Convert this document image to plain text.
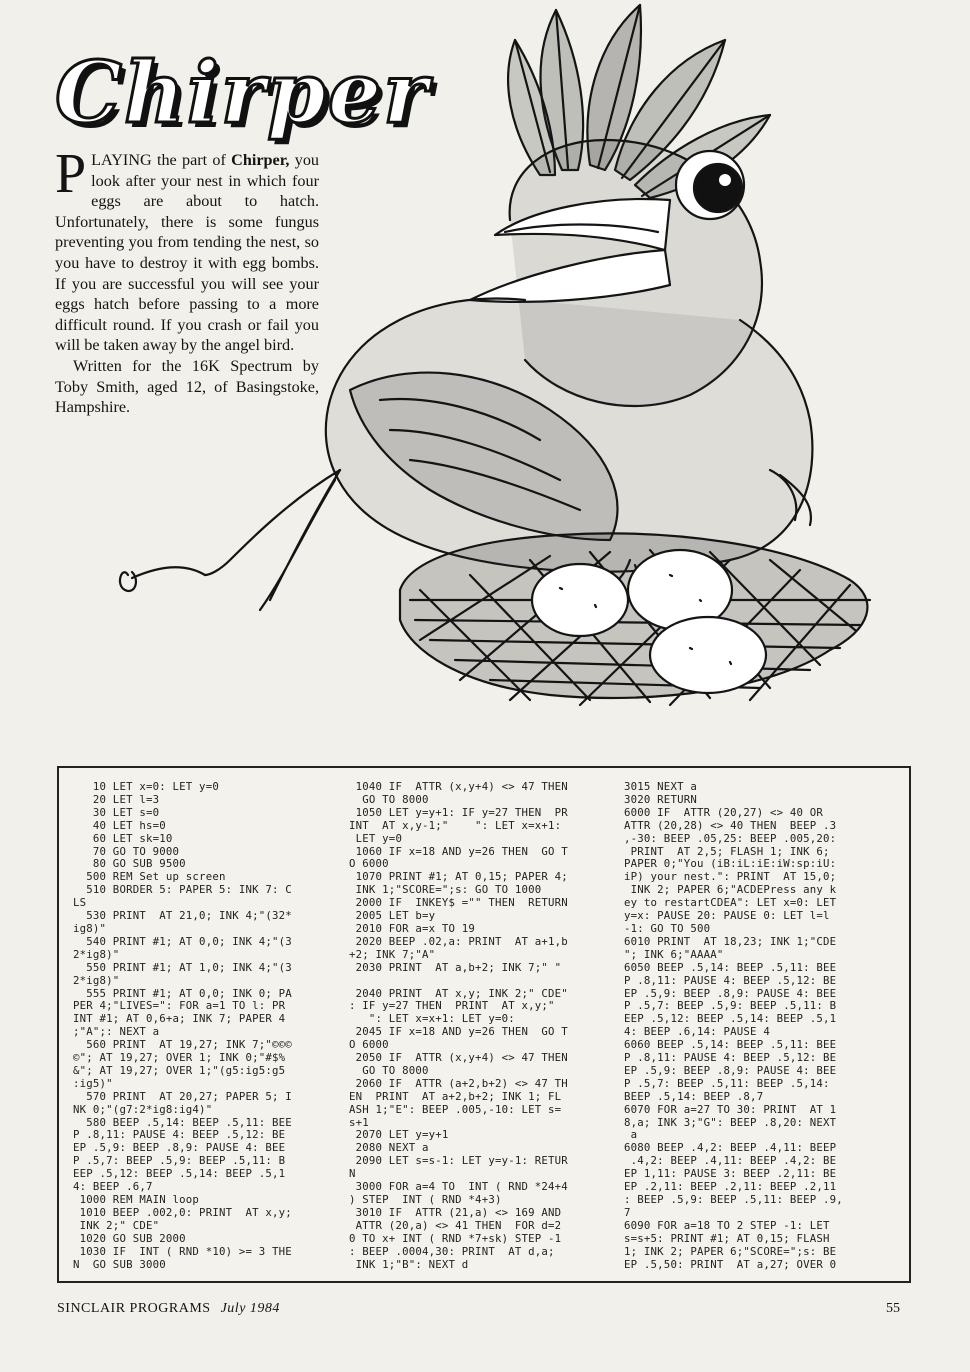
Chirper

PLAYING the part of Chirper, you look after your nest in which four eggs are about to hatch. Unfortunately, there is some fungus preventing you from tending the nest, so you have to destroy it with egg bombs. If you are successful you will see your eggs hatch before passing to a more difficult round. If you crash or fail you will be taken away by the angel bird.

Written for the 16K Spectrum by Toby Smith, aged 12, of Basingstoke, Hampshire.

10 LET x=0: LET y=0
20 LET l=3
30 LET s=0
40 LET hs=0
60 LET sk=10
70 GO TO 9000
80 GO SUB 9500
500 REM Set up screen
510 BORDER 5: PAPER 5: INK 7: C
LS
530 PRINT  AT 21,0; INK 4;"(32*
ig8)"
540 PRINT #1; AT 0,0; INK 4;"(3
2*ig8)"
550 PRINT #1; AT 1,0; INK 4;"(3
2*ig8)"
555 PRINT #1; AT 0,0; INK 0; PA
PER 4;"LIVES=": FOR a=1 TO l: PR
INT #1; AT 0,6+a; INK 7; PAPER 4
;"A";: NEXT a
560 PRINT  AT 19,27; INK 7;"©©©
©"; AT 19,27; OVER 1; INK 0;"#$%
&"; AT 19,27; OVER 1;"(g5:ig5:g5
:ig5)"
570 PRINT  AT 20,27; PAPER 5; I
NK 0;"(g7:2*ig8:ig4)"
580 BEEP .5,14: BEEP .5,11: BEE
P .8,11: PAUSE 4: BEEP .5,12: BE
EP .5,9: BEEP .8,9: PAUSE 4: BEE
P .5,7: BEEP .5,9: BEEP .5,11: B
EEP .5,12: BEEP .5,14: BEEP .5,1
4: BEEP .6,7
1000 REM MAIN loop
1010 BEEP .002,0: PRINT  AT x,y;
INK 2;" CDE"
1020 GO SUB 2000
1030 IF  INT ( RND *10) >= 3 THE
N  GO SUB 3000
1040 IF  ATTR (x,y+4) <> 47 THEN
GO TO 8000
1050 LET y=y+1: IF y=27 THEN  PR
INT  AT x,y-1;"    ": LET x=x+1:
LET y=0
1060 IF x=18 AND y=26 THEN  GO T
O 6000
1070 PRINT #1; AT 0,15; PAPER 4;
INK 1;"SCORE=";s: GO TO 1000
2000 IF  INKEY$ ="" THEN  RETURN
2005 LET b=y
2010 FOR a=x TO 19
2020 BEEP .02,a: PRINT  AT a+1,b
+2; INK 7;"A"
2030 PRINT  AT a,b+2; INK 7;" "

2040 PRINT  AT x,y; INK 2;" CDE"
: IF y=27 THEN  PRINT  AT x,y;"
": LET x=x+1: LET y=0:
2045 IF x=18 AND y=26 THEN  GO T
O 6000
2050 IF  ATTR (x,y+4) <> 47 THEN
GO TO 8000
2060 IF  ATTR (a+2,b+2) <> 47 TH
EN  PRINT  AT a+2,b+2; INK 1; FL
ASH 1;"E": BEEP .005,-10: LET s=
s+1
2070 LET y=y+1
2080 NEXT a
2090 LET s=s-1: LET y=y-1: RETUR
N
3000 FOR a=4 TO  INT ( RND *24+4
) STEP  INT ( RND *4+3)
3010 IF  ATTR (21,a) <> 169 AND
ATTR (20,a) <> 41 THEN  FOR d=2
0 TO x+ INT ( RND *7+sk) STEP -1
: BEEP .0004,30: PRINT  AT d,a;
INK 1;"B": NEXT d
3015 NEXT a
3020 RETURN
6000 IF  ATTR (20,27) <> 40 OR
ATTR (20,28) <> 40 THEN  BEEP .3
,-30: BEEP .05,25: BEEP .005,20:
PRINT  AT 2,5; FLASH 1; INK 6;
PAPER 0;"You (iB:iL:iE:iW:sp:iU:
iP) your nest.": PRINT  AT 15,0;
INK 2; PAPER 6;"ACDEPress any k
ey to restartCDEA": LET x=0: LET
y=x: PAUSE 20: PAUSE 0: LET l=l
-1: GO TO 500
6010 PRINT  AT 18,23; INK 1;"CDE
"; INK 6;"AAAA"
6050 BEEP .5,14: BEEP .5,11: BEE
P .8,11: PAUSE 4: BEEP .5,12: BE
EP .5,9: BEEP .8,9: PAUSE 4: BEE
P .5,7: BEEP .5,9: BEEP .5,11: B
EEP .5,12: BEEP .5,14: BEEP .5,1
4: BEEP .6,14: PAUSE 4
6060 BEEP .5,14: BEEP .5,11: BEE
P .8,11: PAUSE 4: BEEP .5,12: BE
EP .5,9: BEEP .8,9: PAUSE 4: BEE
P .5,7: BEEP .5,11: BEEP .5,14:
BEEP .5,14: BEEP .8,7
6070 FOR a=27 TO 30: PRINT  AT 1
8,a; INK 3;"G": BEEP .8,20: NEXT
a
6080 BEEP .4,2: BEEP .4,11: BEEP
.4,2: BEEP .4,11: BEEP .4,2: BE
EP 1,11: PAUSE 3: BEEP .2,11: BE
EP .2,11: BEEP .2,11: BEEP .2,11
: BEEP .5,9: BEEP .5,11: BEEP .9,
7
6090 FOR a=18 TO 2 STEP -1: LET
s=s+5: PRINT #1; AT 0,15; FLASH
1; INK 2; PAPER 6;"SCORE=";s: BE
EP .5,50: PRINT  AT a,27; OVER 0
SINCLAIR PROGRAMS July 1984	55
